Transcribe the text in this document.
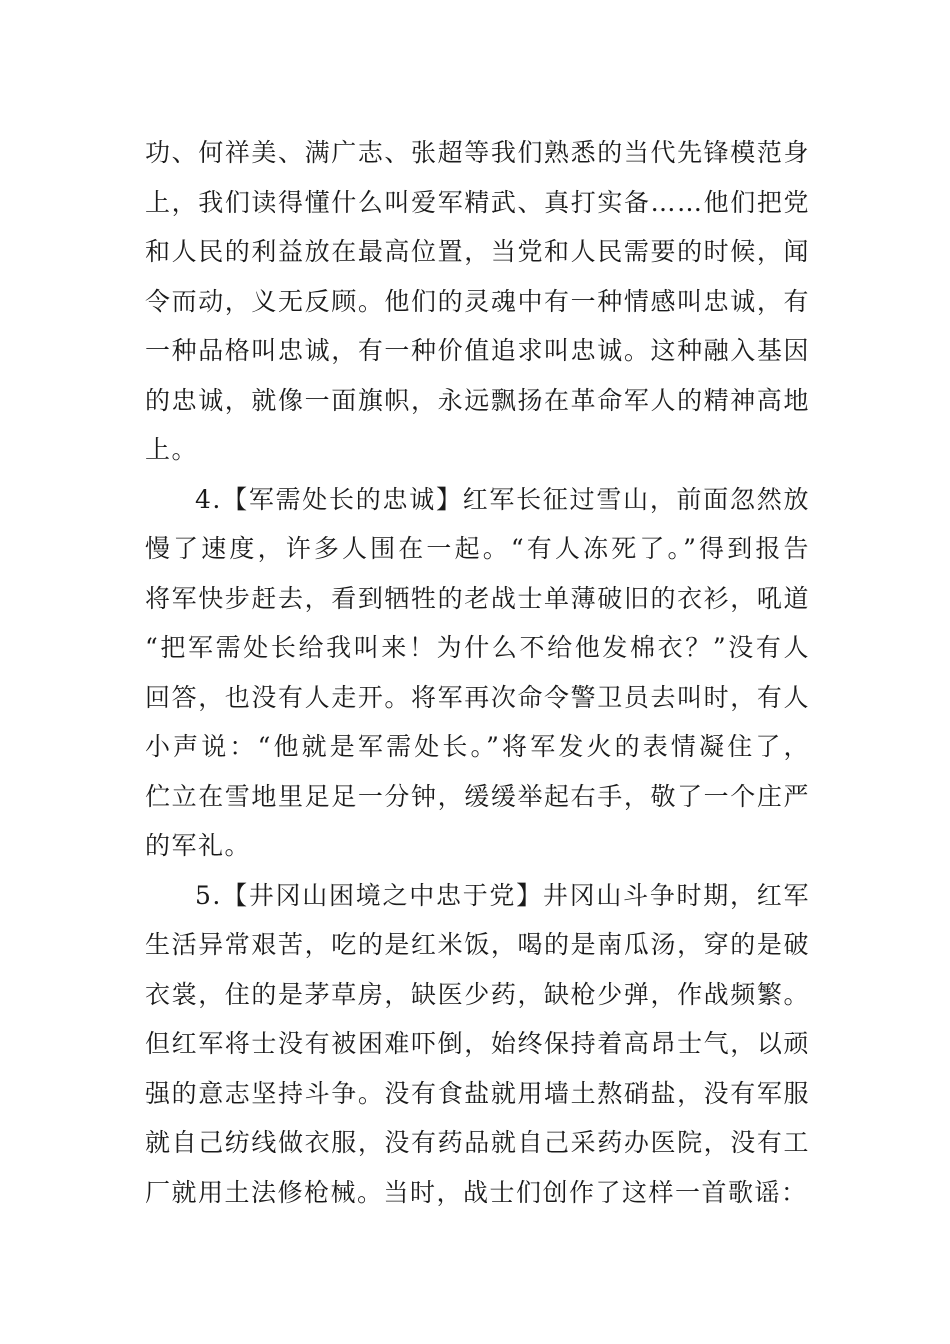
功、何祥美、满广志、张超等我们熟悉的当代先锋模范身
上，我们读得懂什么叫爱军精武、真打实备……他们把党
和人民的利益放在最高位置，当党和人民需要的时候，闻
令而动，义无反顾。他们的灵魂中有一种情感叫忠诚，有
一种品格叫忠诚，有一种价值追求叫忠诚。这种融入基因
的忠诚，就像一面旗帜，永远飘扬在革命军人的精神高地
上。
4.【军需处长的忠诚】红军长征过雪山，前面忽然放
慢了速度，许多人围在一起。“有人冻死了。”得到报告
将军快步赶去，看到牺牲的老战士单薄破旧的衣衫，吼道
“把军需处长给我叫来！为什么不给他发棉衣？”没有人
回答，也没有人走开。将军再次命令警卫员去叫时，有人
小声说：“他就是军需处长。”将军发火的表情凝住了，
伫立在雪地里足足一分钟，缓缓举起右手，敬了一个庄严
的军礼。
5.【井冈山困境之中忠于党】井冈山斗争时期，红军
生活异常艰苦，吃的是红米饭，喝的是南瓜汤，穿的是破
衣裳，住的是茅草房，缺医少药，缺枪少弹，作战频繁。
但红军将士没有被困难吓倒，始终保持着高昂士气，以顽
强的意志坚持斗争。没有食盐就用墙土熬硝盐，没有军服
就自己纺线做衣服，没有药品就自己采药办医院，没有工
厂就用土法修枪械。当时，战士们创作了这样一首歌谣：
